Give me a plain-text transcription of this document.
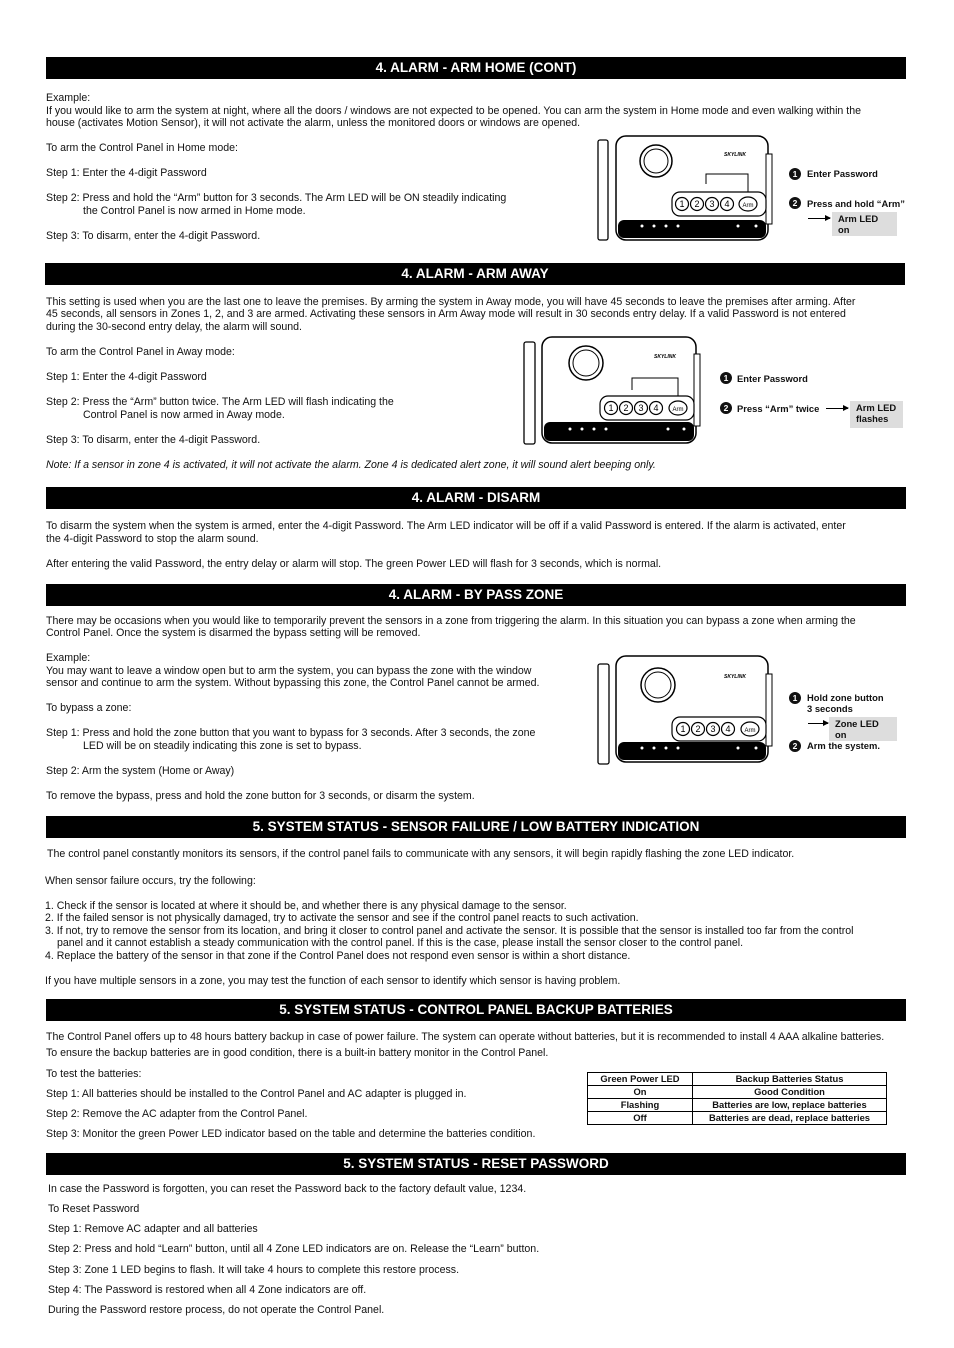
4. ALARM - ARM HOME (CONT)
Example:
If you would like to arm the system at night, where all the doors / windows are not expected to be opened. You can arm the system in Home mode and even walking within the
house (activates Motion Sensor), it will not activate the alarm, unless the monitored doors or windows are opened.
To arm the Control Panel in Home mode:
Step 1: Enter the 4-digit Password
Step 2: Press and hold the “Arm” button for 3 seconds. The Arm LED will be ON steadily indicating
the Control Panel is now armed in Home mode.
Step 3: To disarm, enter the 4-digit Password.
1 2 3 4 Arm
SKYLINK
1	Enter Password
2	Press and hold “Arm”
Arm LED on
4. ALARM - ARM AWAY
This setting is used when you are the last one to leave the premises. By arming the system in Away mode, you will have 45 seconds to leave the premises after arming. After
45 seconds, all sensors in Zones 1, 2, and 3 are armed. Activating these sensors in Arm Away mode will result in 30 seconds entry delay. If a valid Password is not entered
during the 30-second entry delay, the alarm will sound.
To arm the Control Panel in Away mode:
Step 1: Enter the 4-digit Password
Step 2: Press the “Arm” button twice. The Arm LED will flash indicating the
Control Panel is now armed in Away mode.
Step 3: To disarm, enter the 4-digit Password.
Note: If a sensor in zone 4 is activated, it will not activate the alarm. Zone 4 is dedicated alert zone, it will sound alert beeping only.
1 2 3 4 Arm
SKYLINK
1 Enter Password
2 Press “Arm” twice	Arm LED
flashes
4. ALARM - DISARM
To disarm the system when the system is armed, enter the 4-digit Password. The Arm LED indicator will be off if a valid Password is entered. If the alarm is activated, enter
the 4-digit Password to stop the alarm sound.
After entering the valid Password, the entry delay or alarm will stop. The green Power LED will flash for 3 seconds, which is normal.
4. ALARM - BY PASS ZONE
There may be occasions when you would like to temporarily prevent the sensors in a zone from triggering the alarm. In this situation you can bypass a zone when arming the
Control Panel. Once the system is disarmed the bypass setting will be removed.
Example:
You may want to leave a window open but to arm the system, you can bypass the zone with the window
sensor and continue to arm the system. Without bypassing this zone, the Control Panel cannot be armed.
To bypass a zone:
Step 1: Press and hold the zone button that you want to bypass for 3 seconds. After 3 seconds, the zone
LED will be on steadily indicating this zone is set to bypass.
Step 2: Arm the system (Home or Away)
To remove the bypass, press and hold the zone button for 3 seconds, or disarm the system.
1 2 3 4 Arm
SKYLINK
1	Hold zone button
3 seconds
Zone LED on
2	Arm the system.
5. SYSTEM STATUS - SENSOR FAILURE / LOW BATTERY INDICATION
The control panel constantly monitors its sensors, if the control panel fails to communicate with any sensors, it will begin rapidly flashing the zone LED indicator.
When sensor failure occurs, try the following:
1. Check if the sensor is located at where it should be, and whether there is any physical damage to the sensor.
2. If the failed sensor is not physically damaged, try to activate the sensor and see if the control panel reacts to such activation.
3. If not, try to remove the sensor from its location, and bring it closer to control panel and activate the sensor. It is possible that the sensor is installed too far from the control
panel and it cannot establish a steady communication with the control panel. If this is the case, please install the sensor closer to the control panel.
4. Replace the battery of the sensor in that zone if the Control Panel does not respond even sensor is within a short distance.
If you have multiple sensors in a zone, you may test the function of each sensor to identify which sensor is having problem.
5. SYSTEM STATUS - CONTROL PANEL BACKUP BATTERIES
The Control Panel offers up to 48 hours battery backup in case of power failure. The system can operate without batteries, but it is recommended to install 4 AAA alkaline batteries.
To ensure the backup batteries are in good condition, there is a built-in battery monitor in the Control Panel.
To test the batteries:
Step 1: All batteries should be installed to the Control Panel and AC adapter is plugged in.
Step 2: Remove the AC adapter from the Control Panel.
Step 3: Monitor the green Power LED indicator based on the table and determine the batteries condition.
Green Power LED	Backup Batteries Status
On	Good Condition
Flashing	Batteries are low, replace batteries
Off	Batteries are dead, replace batteries
5. SYSTEM STATUS - RESET PASSWORD
In case the Password is forgotten, you can reset the Password back to the factory default value, 1234.
To Reset Password
Step 1: Remove AC adapter and all batteries
Step 2: Press and hold “Learn” button, until all 4 Zone LED indicators are on. Release the “Learn” button.
Step 3: Zone 1 LED begins to flash. It will take 4 hours to complete this restore process.
Step 4: The Password is restored when all 4 Zone indicators are off.
During the Password restore process, do not operate the Control Panel.
